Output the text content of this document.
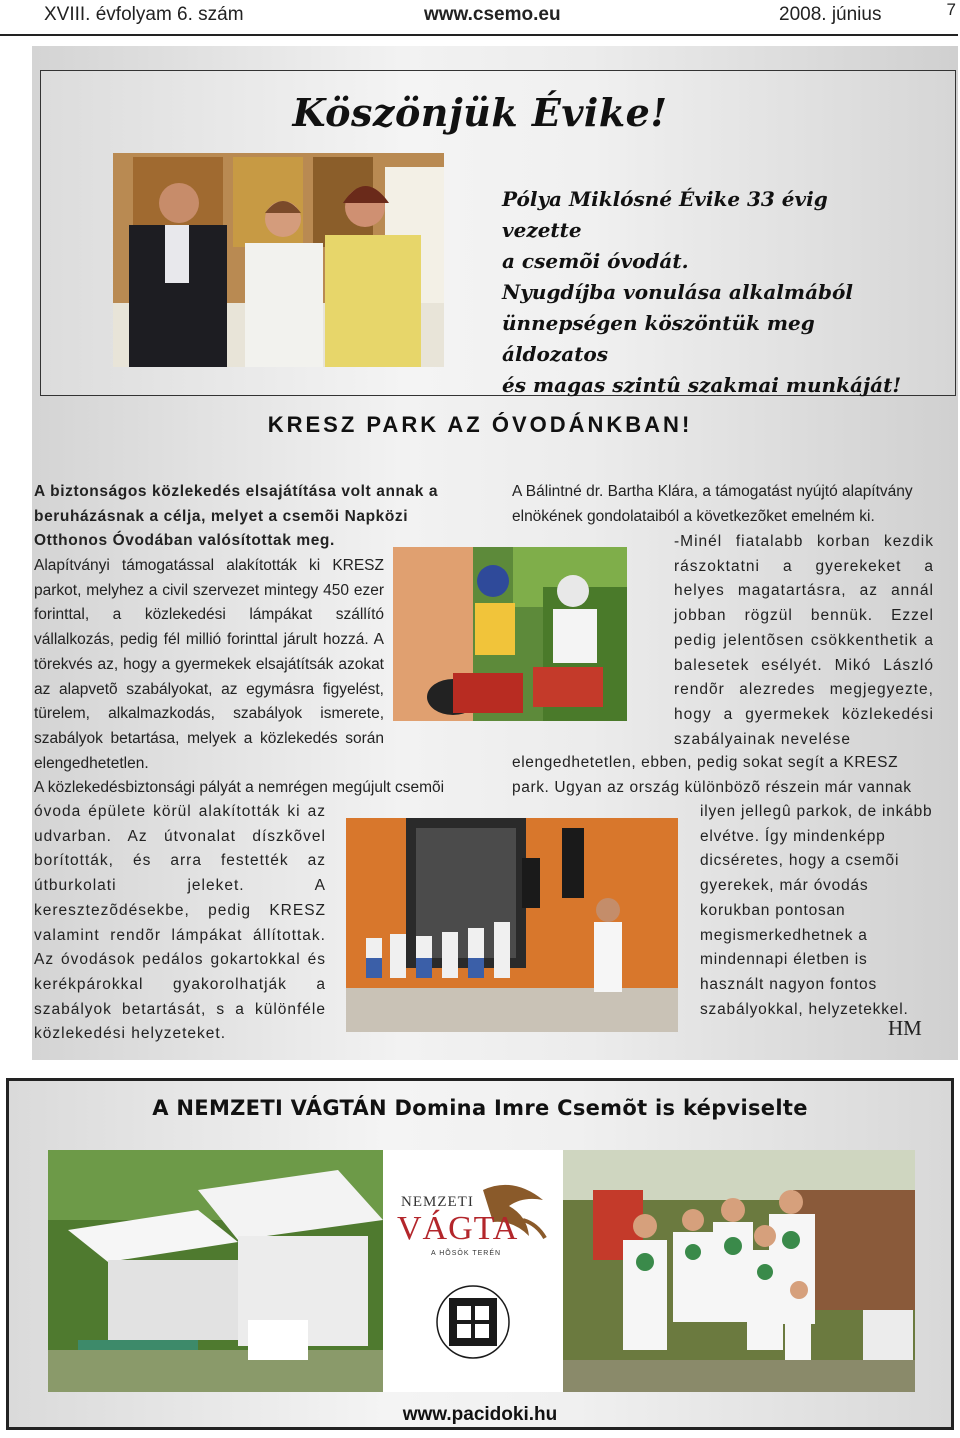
XVIII. évfolyam 6. szám	www.csemo.eu	2008. június	7
Köszönjük Évike!
Pólya Miklósné Évike 33 évig vezette
a csemõi óvodát.
Nyugdíjba vonulása alkalmából
ünnepségen köszöntük meg áldozatos
és magas szintû szakmai munkáját!
KRESZ PARK AZ ÓVODÁNKBAN!
A biztonságos közlekedés elsajátítása volt annak a beruházásnak a célja, melyet a csemõi Napközi Otthonos Óvodában valósítottak meg.
Alapítványi támogatással alakították ki KRESZ parkot, melyhez a civil szervezet mintegy 450 ezer forinttal, a közlekedési lámpákat szállító vállalkozás, pedig fél millió forinttal járult hozzá. A törekvés az, hogy a gyermekek elsajátítsák azokat az alapvetõ szabályokat, az egymásra figyelést, türelem, alkalmazkodás, szabályok ismerete, szabályok betartása, melyek a közlekedés során elengedhetetlen.
A közlekedésbiztonsági pályát a nemrégen megújult csemõi
óvoda épülete körül alakították ki az udvarban. Az útvonalat díszkõvel borították, és arra festették az útburkolati jeleket. A keresztezõdésekbe, pedig KRESZ valamint rendõr lámpákat állítottak. Az óvodások pedálos gokartokkal és kerékpárokkal gyakorolhatják a szabályok betartását, s a különféle közlekedési helyzeteket.
A Bálintné dr. Bartha Klára, a támogatást nyújtó alapítvány elnökének gondolataiból a következõket emelném ki.
-Minél fiatalabb korban kezdik rászoktatni a gyerekeket a helyes magatartásra, az annál jobban rögzül bennük. Ezzel pedig jelentõsen csökkenthetik a balesetek esélyét. Mikó László rendõr alezredes megjegyezte, hogy a gyermekek közlekedési szabályainak nevelése
elengedhetetlen, ebben, pedig sokat segít a KRESZ park. Ugyan az ország különbözõ részein már vannak
ilyen jellegû parkok, de inkább elvétve. Így mindenképp dicséretes, hogy a csemõi gyerekek, már óvodás korukban pontosan megismerkedhetnek a mindennapi életben is használt nagyon fontos szabályokkal, helyzetekkel.
HM
A NEMZETI VÁGTÁN Domina Imre Csemõt is képviselte
NEMZETI
VÁGTA
A HÕSÖK TERÉN
www.pacidoki.hu
